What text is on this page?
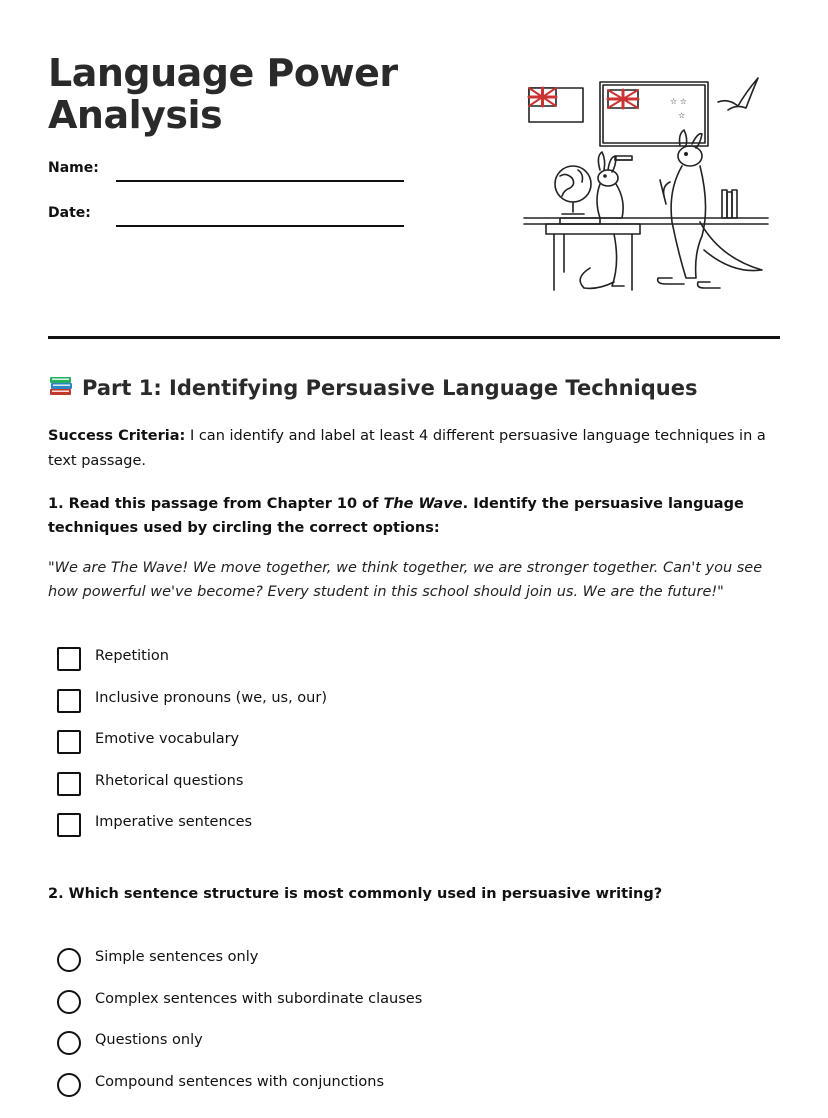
Language Power Analysis
Name:
Date:
☆ ☆
☆
Part 1: Identifying Persuasive Language Techniques
Success Criteria: I can identify and label at least 4 different persuasive language techniques in a text passage.
1. Read this passage from Chapter 10 of The Wave. Identify the persuasive language techniques used by circling the correct options:
"We are The Wave! We move together, we think together, we are stronger together. Can't you see how powerful we've become? Every student in this school should join us. We are the future!"
Repetition
Inclusive pronouns (we, us, our)
Emotive vocabulary
Rhetorical questions
Imperative sentences
2. Which sentence structure is most commonly used in persuasive writing?
Simple sentences only
Complex sentences with subordinate clauses
Questions only
Compound sentences with conjunctions
